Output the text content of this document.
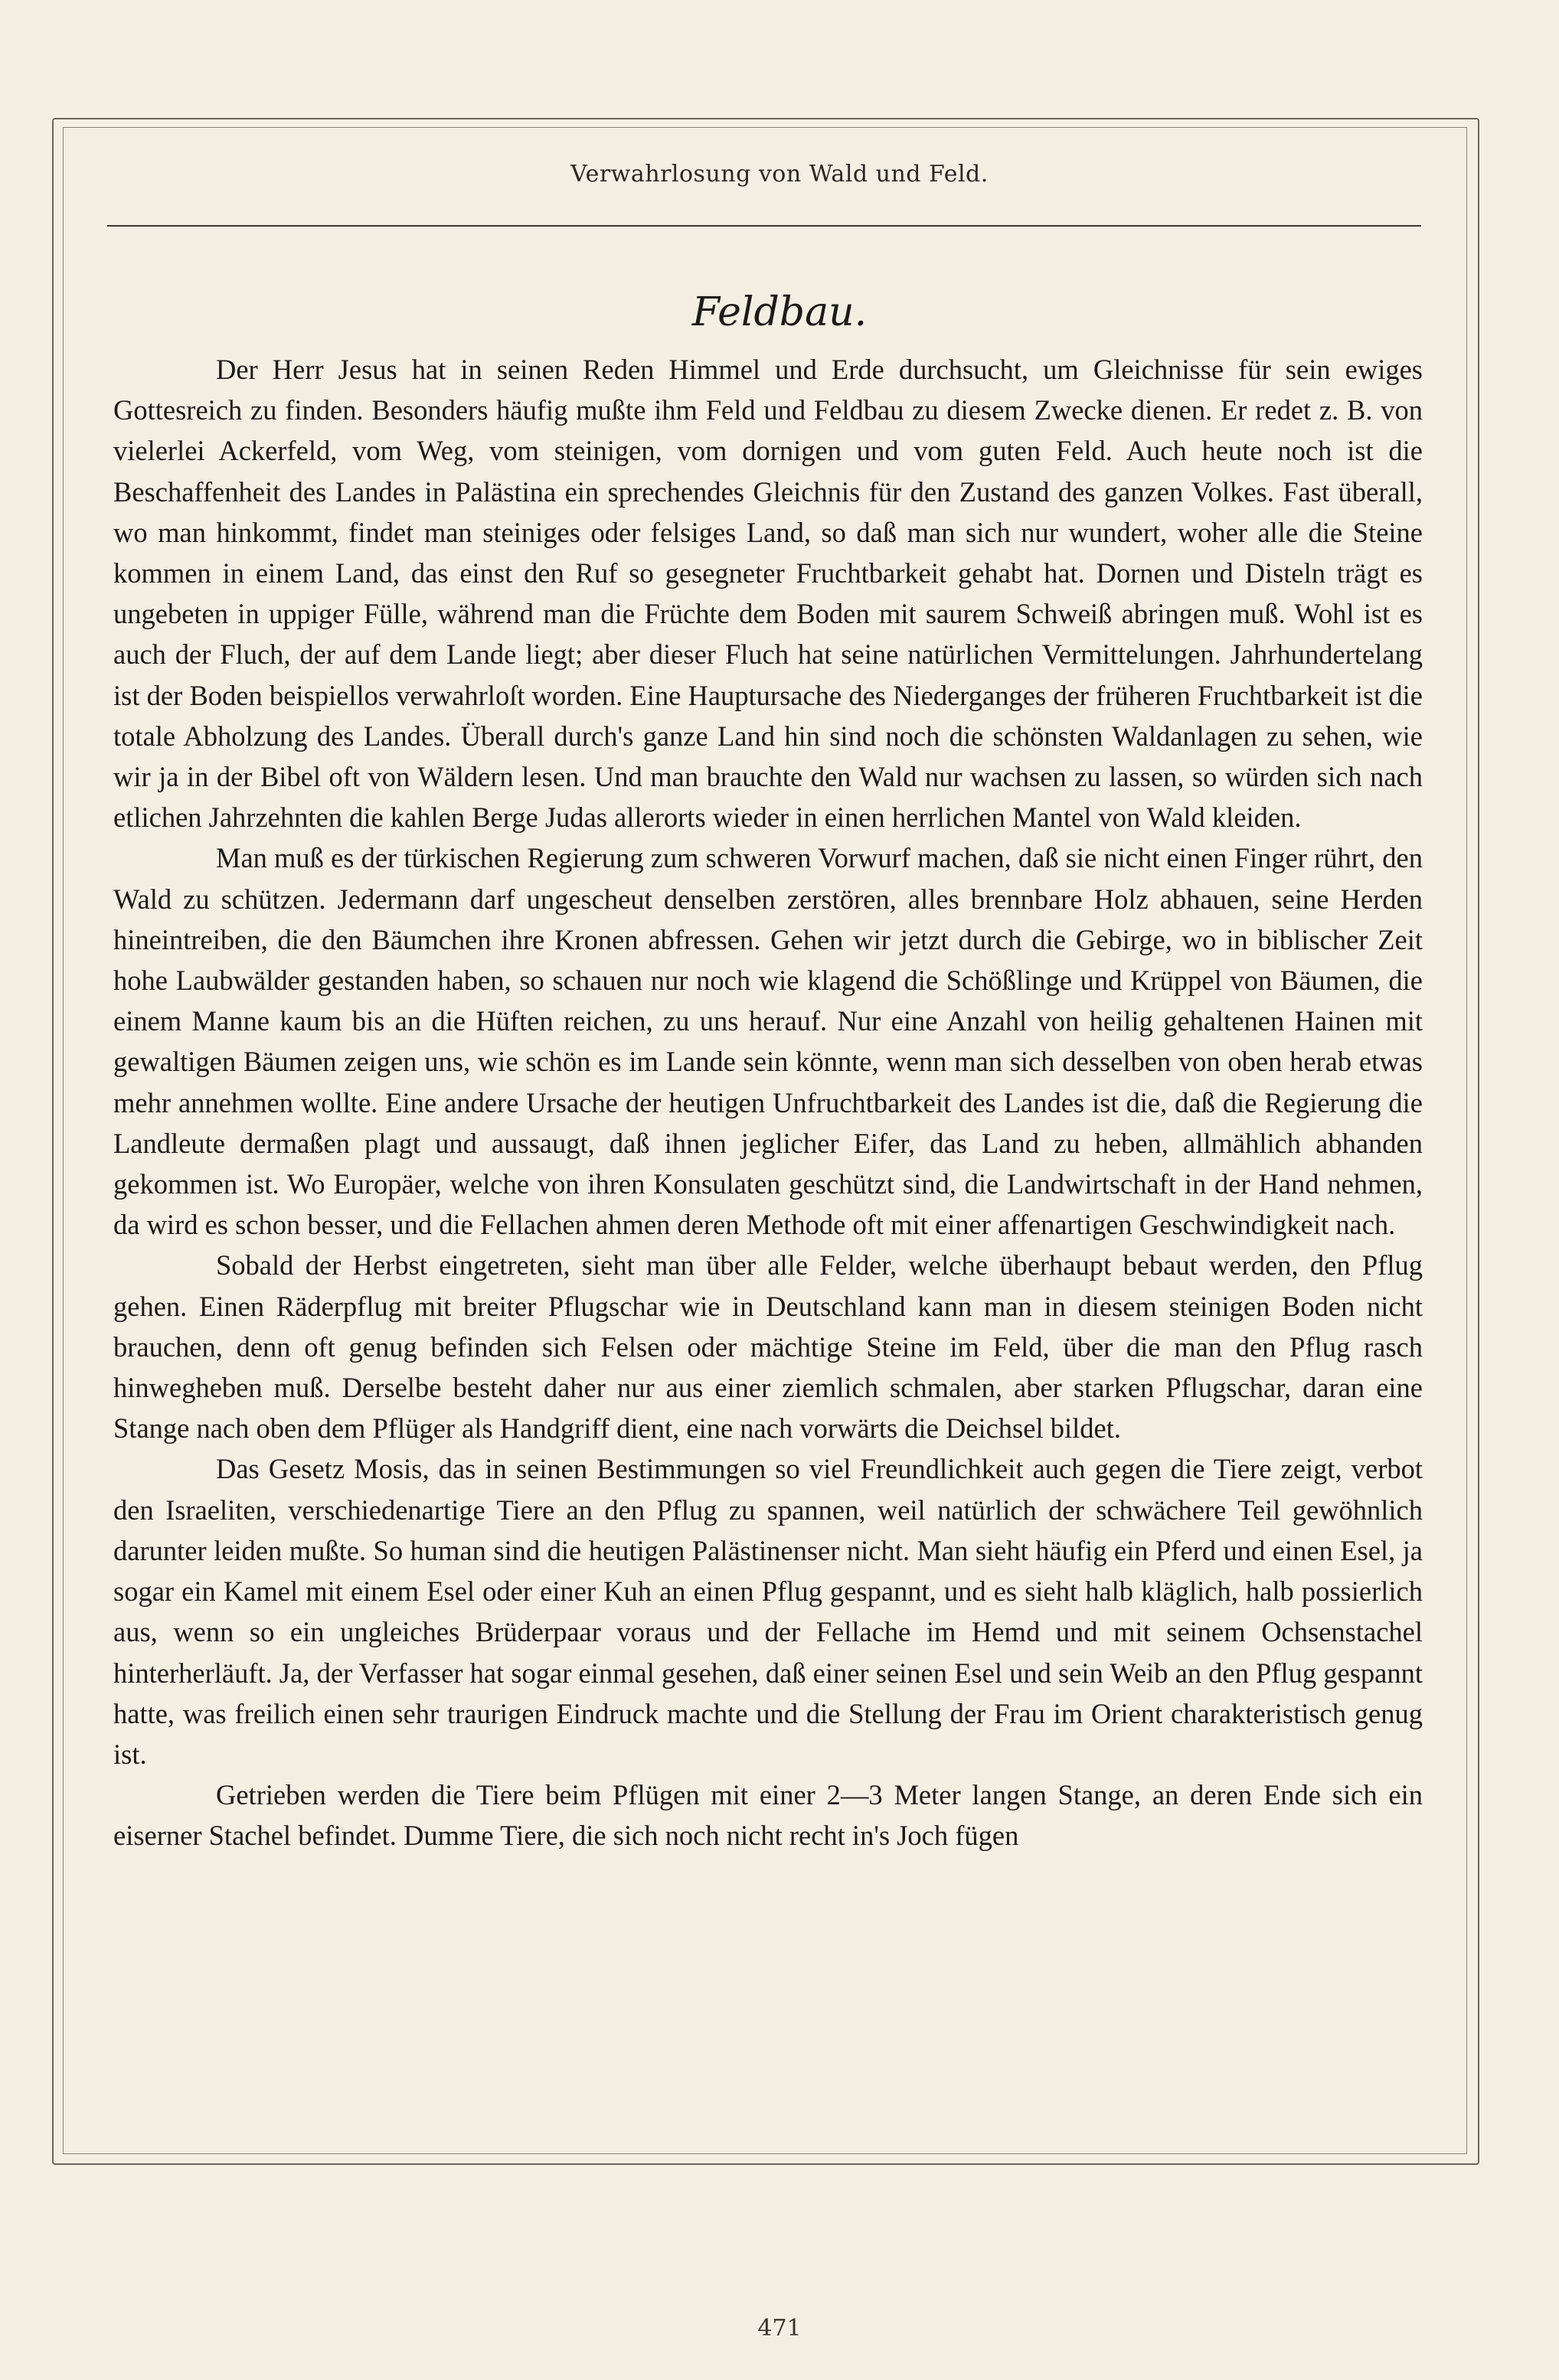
Verwahrlosung von Wald und Feld.
Feldbau.

Der Herr Jesus hat in seinen Reden Himmel und Erde durchsucht, um Gleichnisse für sein ewiges Gottesreich zu finden. Besonders häufig mußte ihm Feld und Feldbau zu diesem Zwecke dienen. Er redet z. B. von vielerlei Ackerfeld, vom Weg, vom steinigen, vom dornigen und vom guten Feld. Auch heute noch ist die Beschaffenheit des Landes in Palästina ein sprechendes Gleichnis für den Zustand des ganzen Volkes. Fast überall, wo man hinkommt, findet man steiniges oder felsiges Land, so daß man sich nur wundert, woher alle die Steine kommen in einem Land, das einst den Ruf so gesegneter Fruchtbarkeit gehabt hat. Dornen und Disteln trägt es ungebeten in uppiger Fülle, während man die Früchte dem Boden mit saurem Schweiß abringen muß. Wohl ist es auch der Fluch, der auf dem Lande liegt; aber dieser Fluch hat seine natürlichen Vermittelungen. Jahrhundertelang ist der Boden beispiellos verwahrloſt worden. Eine Hauptursache des Niederganges der früheren Fruchtbarkeit ist die totale Abholzung des Landes. Überall durch's ganze Land hin sind noch die schönsten Waldanlagen zu sehen, wie wir ja in der Bibel oft von Wäldern lesen. Und man brauchte den Wald nur wachsen zu lassen, so würden sich nach etlichen Jahrzehnten die kahlen Berge Judas allerorts wieder in einen herrlichen Mantel von Wald kleiden.

Man muß es der türkischen Regierung zum schweren Vorwurf machen, daß sie nicht einen Finger rührt, den Wald zu schützen. Jedermann darf ungescheut denselben zerstören, alles brennbare Holz abhauen, seine Herden hineintreiben, die den Bäumchen ihre Kronen abfressen. Gehen wir jetzt durch die Gebirge, wo in biblischer Zeit hohe Laubwälder gestanden haben, so schauen nur noch wie klagend die Schößlinge und Krüppel von Bäumen, die einem Manne kaum bis an die Hüften reichen, zu uns herauf. Nur eine Anzahl von heilig gehaltenen Hainen mit gewaltigen Bäumen zeigen uns, wie schön es im Lande sein könnte, wenn man sich desselben von oben herab etwas mehr annehmen wollte. Eine andere Ursache der heutigen Unfruchtbarkeit des Landes ist die, daß die Regierung die Landleute dermaßen plagt und aussaugt, daß ihnen jeglicher Eifer, das Land zu heben, allmählich abhanden gekommen ist. Wo Europäer, welche von ihren Konsulaten geschützt sind, die Landwirtschaft in der Hand nehmen, da wird es schon besser, und die Fellachen ahmen deren Methode oft mit einer affenartigen Geschwindigkeit nach.

Sobald der Herbst eingetreten, sieht man über alle Felder, welche überhaupt bebaut werden, den Pflug gehen. Einen Räderpflug mit breiter Pflugschar wie in Deutschland kann man in diesem steinigen Boden nicht brauchen, denn oft genug befinden sich Felsen oder mächtige Steine im Feld, über die man den Pflug rasch hinwegheben muß. Derselbe besteht daher nur aus einer ziemlich schmalen, aber starken Pflugschar, daran eine Stange nach oben dem Pflüger als Handgriff dient, eine nach vorwärts die Deichsel bildet.

Das Gesetz Mosis, das in seinen Bestimmungen so viel Freundlichkeit auch gegen die Tiere zeigt, verbot den Israeliten, verschiedenartige Tiere an den Pflug zu spannen, weil natürlich der schwächere Teil gewöhnlich darunter leiden mußte. So human sind die heutigen Palästinenser nicht. Man sieht häufig ein Pferd und einen Esel, ja sogar ein Kamel mit einem Esel oder einer Kuh an einen Pflug gespannt, und es sieht halb kläglich, halb possierlich aus, wenn so ein ungleiches Brüderpaar voraus und der Fellache im Hemd und mit seinem Ochsenstachel hinterherläuft. Ja, der Verfasser hat sogar einmal gesehen, daß einer seinen Esel und sein Weib an den Pflug gespannt hatte, was freilich einen sehr traurigen Eindruck machte und die Stellung der Frau im Orient charakteristisch genug ist.

Getrieben werden die Tiere beim Pflügen mit einer 2—3 Meter langen Stange, an deren Ende sich ein eiserner Stachel befindet. Dumme Tiere, die sich noch nicht recht in's Joch fügen

471
